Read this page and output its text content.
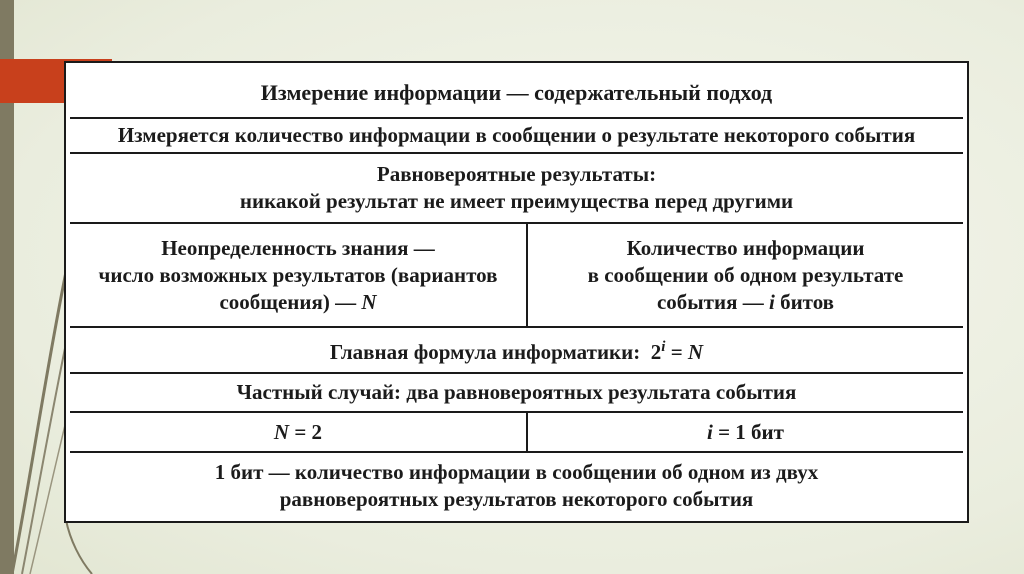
Измерение информации — содержательный подход
Измеряется количество информации в сообщении о результате некоторого события
Равновероятные результаты:
никакой результат не имеет преимущества перед другими
Неопределенность знания —
число возможных результатов (вариантов
сообщения) — N
Количество информации
в сообщении об одном результате
события — i битов
Главная формула информатики: $2^i = N$
Частный случай: два равновероятных результата события
N = 2	i = 1 бит
1 бит — количество информации в сообщении об одном из двух
равновероятных результатов некоторого события
